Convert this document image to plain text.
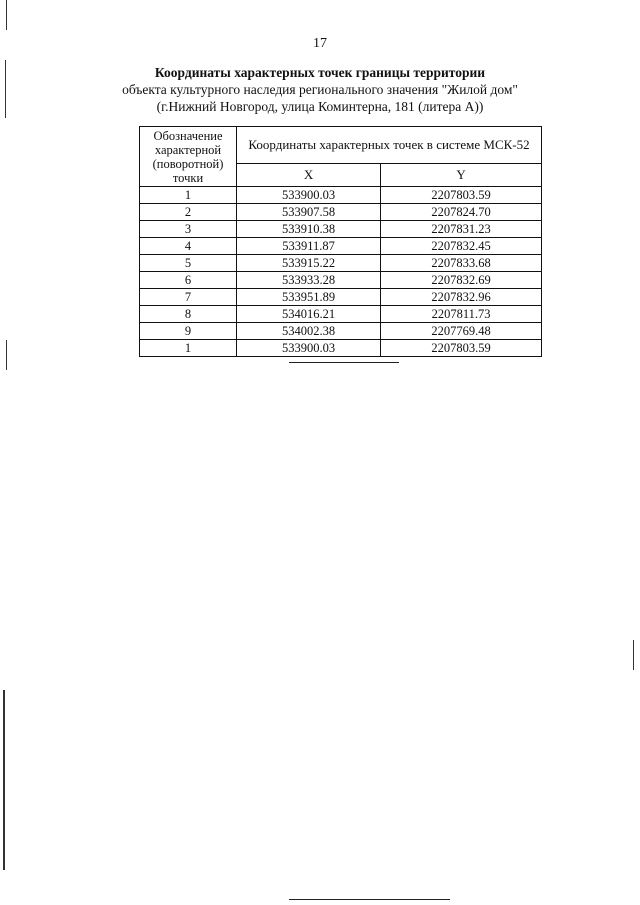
17
Координаты характерных точек границы территории
объекта культурного наследия регионального значения "Жилой дом"
(г.Нижний Новгород, улица Коминтерна, 181 (литера А))
Обозначение характерной (поворотной) точки	Координаты характерных точек в системе МСК-52	
	X	Y
1	533900.03	2207803.59
2	533907.58	2207824.70
3	533910.38	2207831.23
4	533911.87	2207832.45
5	533915.22	2207833.68
6	533933.28	2207832.69
7	533951.89	2207832.96
8	534016.21	2207811.73
9	534002.38	2207769.48
1	533900.03	2207803.59
